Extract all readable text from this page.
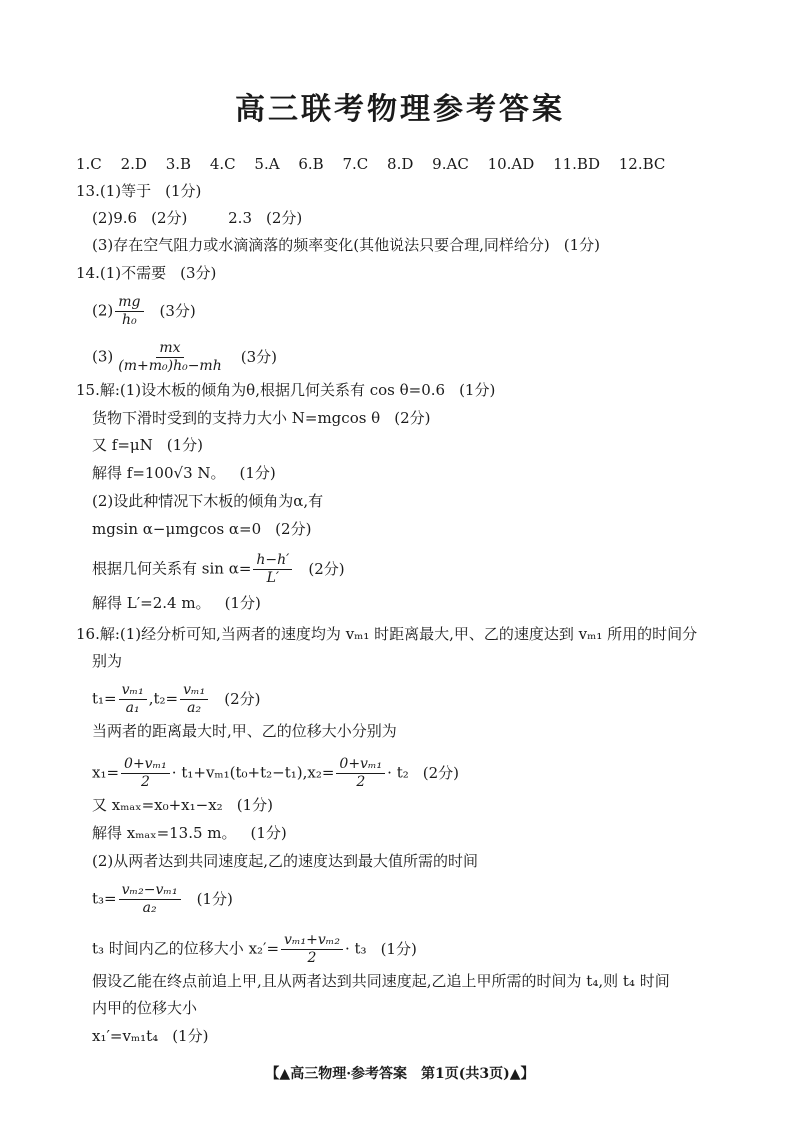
高三联考物理参考答案
1.C 2.D 3.B 4.C 5.A 6.B 7.C 8.D 9.AC 10.AD 11.BD 12.BC
13.(1)等于 (1分)
(2)9.6 (2分)	2.3 (2分)
(3)存在空气阻力或水滴滴落的频率变化(其他说法只要合理,同样给分) (1分)
14.(1)不需要 (3分)
$(2) \frac{mg}{\text{h₀}} (3$分)
$(3) \frac{mx}{\text{(m+m₀)h₀−mh}} (3$分)
15.解:(1)设木板的倾角为θ,根据几何关系有 cos θ=0.6 (1分)
货物下滑时受到的支持力大小 N=mgcos θ (2分)
又 f=μN (1分)
解得 f=100√3 N。 (1分)
(2)设此种情况下木板的倾角为α,有
mgsin α−μmgcos α=0 (2分)
根据几何关系有 $\sin \alpha= \frac{h-h'}{L'} (2$分)
解得 L′=2.4 m。 (1分)
16.解:(1)经分析可知,当两者的速度均为 vₘ₁ 时距离最大,甲、乙的速度达到 vₘ₁ 所用的时间分
别为
$t_1= \frac{\text{vₘ₁}}{\text{a₁}} ,t_2= \frac{\text{vₘ₁}}{\text{a₂}} (2$分)
当两者的距离最大时,甲、乙的位移大小分别为
$x_1= \frac{\text{0+vₘ₁}}{2} \cdot t_1+v_{m1}(t_0+t_2-t_1),x_2= \frac{\text{0+vₘ₁}}{2} \cdot t_2$ (2分)
又 xₘₐₓ=x₀+x₁−x₂ (1分)
解得 xₘₐₓ=13.5 m。 (1分)
(2)从两者达到共同速度起,乙的速度达到最大值所需的时间
$t_3= \frac{\text{vₘ₂−vₘ₁}}{\text{a₂}} (1$分)
t₃ 时间内乙的位移大小 $x_2'= \frac{\text{vₘ₁+vₘ₂}}{2} \cdot t_3$ (1分)
假设乙能在终点前追上甲,且从两者达到共同速度起,乙追上甲所需的时间为 t₄,则 t₄ 时间
内甲的位移大小
x₁′=vₘ₁t₄ (1分)
【▲高三物理·参考答案　第1页(共3页)▲】
